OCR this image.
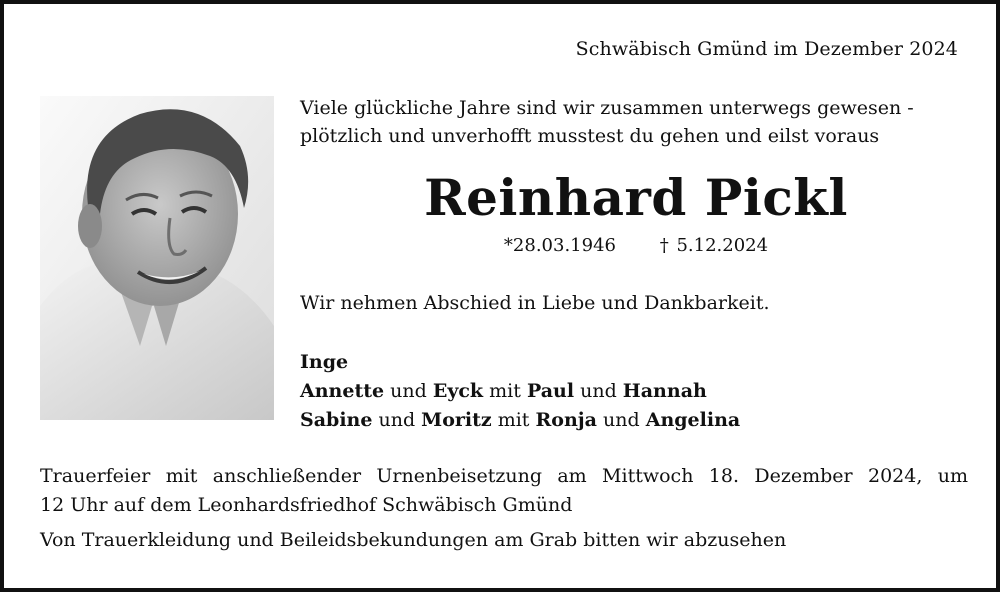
Schwäbisch Gmünd im Dezember 2024
Viele glückliche Jahre sind wir zusammen unterwegs gewesen -
plötzlich und unverhofft musstest du gehen und eilst voraus
Reinhard Pickl
*28.03.1946 † 5.12.2024
Wir nehmen Abschied in Liebe und Dankbarkeit.
Inge
Annette und Eyck mit Paul und Hannah
Sabine und Moritz mit Ronja und Angelina
Trauerfeier mit anschließender Urnenbeisetzung am Mittwoch 18. Dezember 2024, um
12 Uhr auf dem Leonhardsfriedhof Schwäbisch Gmünd
Von Trauerkleidung und Beileidsbekundungen am Grab bitten wir abzusehen
